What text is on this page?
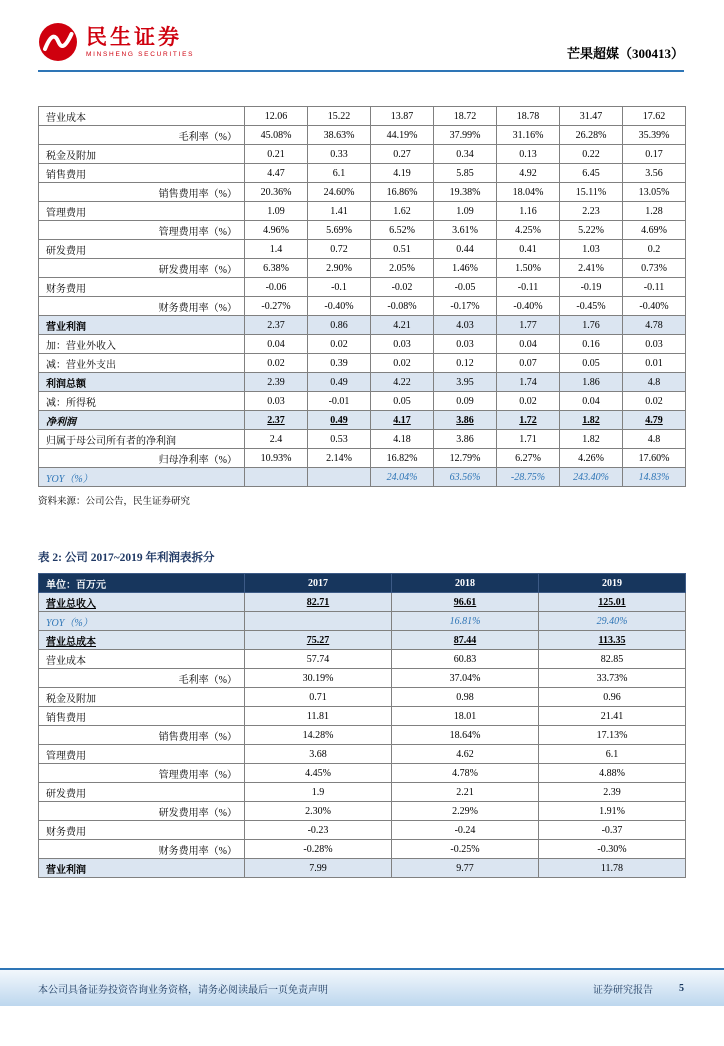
民生证券
MINSHENG SECURITIES	芒果超媒（300413）
营业成本	12.06	15.22	13.87	18.72	18.78	31.47	17.62
毛利率（%）	45.08%	38.63%	44.19%	37.99%	31.16%	26.28%	35.39%
税金及附加	0.21	0.33	0.27	0.34	0.13	0.22	0.17
销售费用	4.47	6.1	4.19	5.85	4.92	6.45	3.56
销售费用率（%）	20.36%	24.60%	16.86%	19.38%	18.04%	15.11%	13.05%
管理费用	1.09	1.41	1.62	1.09	1.16	2.23	1.28
管理费用率（%）	4.96%	5.69%	6.52%	3.61%	4.25%	5.22%	4.69%
研发费用	1.4	0.72	0.51	0.44	0.41	1.03	0.2
研发费用率（%）	6.38%	2.90%	2.05%	1.46%	1.50%	2.41%	0.73%
财务费用	-0.06	-0.1	-0.02	-0.05	-0.11	-0.19	-0.11
财务费用率（%）	-0.27%	-0.40%	-0.08%	-0.17%	-0.40%	-0.45%	-0.40%
营业利润	2.37	0.86	4.21	4.03	1.77	1.76	4.78
加：营业外收入	0.04	0.02	0.03	0.03	0.04	0.16	0.03
减：营业外支出	0.02	0.39	0.02	0.12	0.07	0.05	0.01
利润总额	2.39	0.49	4.22	3.95	1.74	1.86	4.8
减：所得税	0.03	-0.01	0.05	0.09	0.02	0.04	0.02
净利润	2.37	0.49	4.17	3.86	1.72	1.82	4.79
归属于母公司所有者的净利润	2.4	0.53	4.18	3.86	1.71	1.82	4.8
归母净利率（%）	10.93%	2.14%	16.82%	12.79%	6.27%	4.26%	17.60%
YOY（%）			24.04%	63.56%	-28.75%	243.40%	14.83%
资料来源：公司公告，民生证券研究
表 2: 公司 2017~2019 年利润表拆分
单位：百万元	2017	2018	2019
营业总收入	82.71	96.61	125.01
YOY（%）		16.81%	29.40%
营业总成本	75.27	87.44	113.35
营业成本	57.74	60.83	82.85
毛利率（%）	30.19%	37.04%	33.73%
税金及附加	0.71	0.98	0.96
销售费用	11.81	18.01	21.41
销售费用率（%）	14.28%	18.64%	17.13%
管理费用	3.68	4.62	6.1
管理费用率（%）	4.45%	4.78%	4.88%
研发费用	1.9	2.21	2.39
研发费用率（%）	2.30%	2.29%	1.91%
财务费用	-0.23	-0.24	-0.37
财务费用率（%）	-0.28%	-0.25%	-0.30%
营业利润	7.99	9.77	11.78
本公司具备证券投资咨询业务资格，请务必阅读最后一页免责声明	证券研究报告	5
